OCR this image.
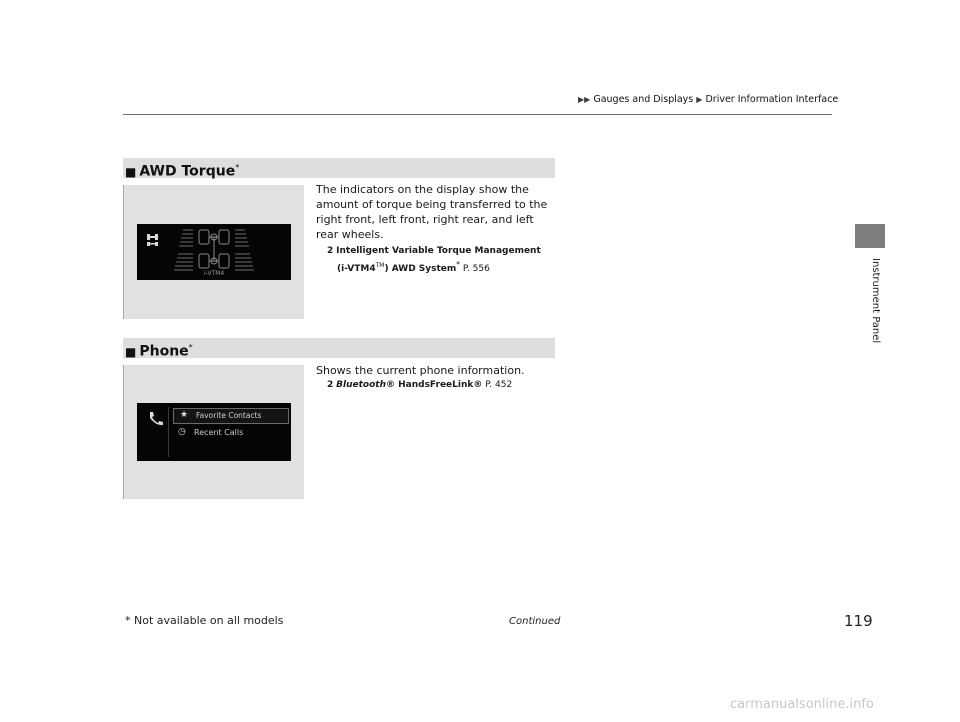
▶▶ Gauges and Displays ▶ Driver Information Interface
Instrument Panel
■ AWD Torque*
i-VTM4
The indicators on the display show the amount of torque being transferred to the right front, left front, right rear, and left rear wheels.
2 Intelligent Variable Torque Management
(i-VTM4™) AWD System* P. 556
■ Phone*
★ Favorite Contacts
◷ Recent Calls
Shows the current phone information.
2 Bluetooth® HandsFreeLink® P. 452
Continued	119
* Not available on all models
carmanualsonline.info
